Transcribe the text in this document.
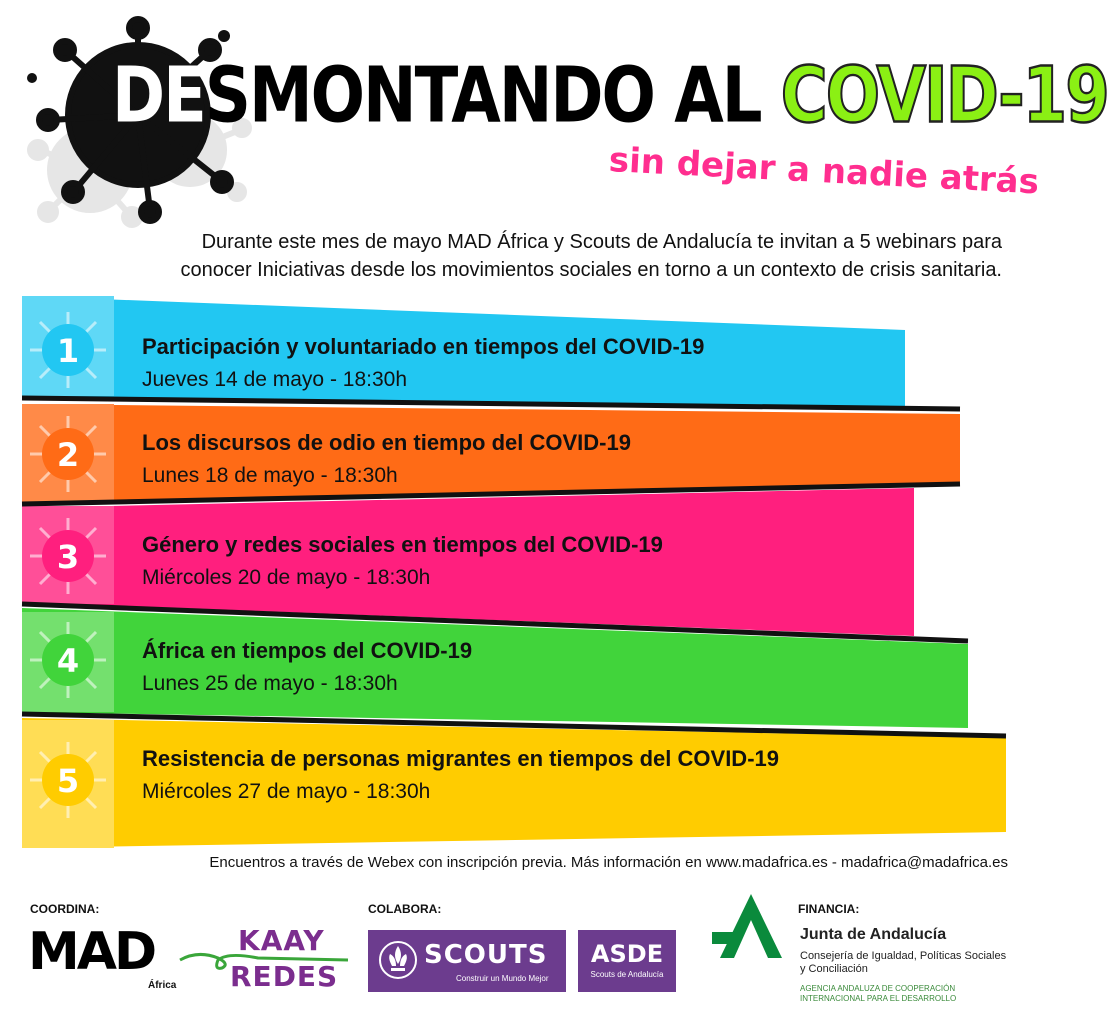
DESMONTANDO AL COVID-19
sin dejar a nadie atrás
Durante este mes de mayo MAD África y Scouts de Andalucía te invitan a 5 webinars para
conocer Iniciativas desde los movimientos sociales en torno a un contexto de crisis sanitaria.
1
2
3
4
5
Participación y voluntariado en tiempos del COVID-19
Jueves 14 de mayo - 18:30h
Los discursos de odio en tiempo del COVID-19
Lunes 18 de mayo - 18:30h
Género y redes sociales en tiempos del COVID-19
Miércoles 20 de mayo - 18:30h
África en tiempos del COVID-19
Lunes 25 de mayo - 18:30h
Resistencia de personas migrantes en tiempos del COVID-19
Miércoles 27 de mayo - 18:30h
Encuentros a través de Webex con inscripción previa. Más información en www.madafrica.es - madafrica@madafrica.es
COORDINA:	COLABORA:	FINANCIA:
MAD
África
KAAY
REDES
SCOUTS
Construir un Mundo Mejor
ASDE
Scouts de Andalucía
Junta de Andalucía
Consejería de Igualdad, Políticas Sociales y Conciliación
AGENCIA ANDALUZA DE COOPERACIÓN INTERNACIONAL PARA EL DESARROLLO
